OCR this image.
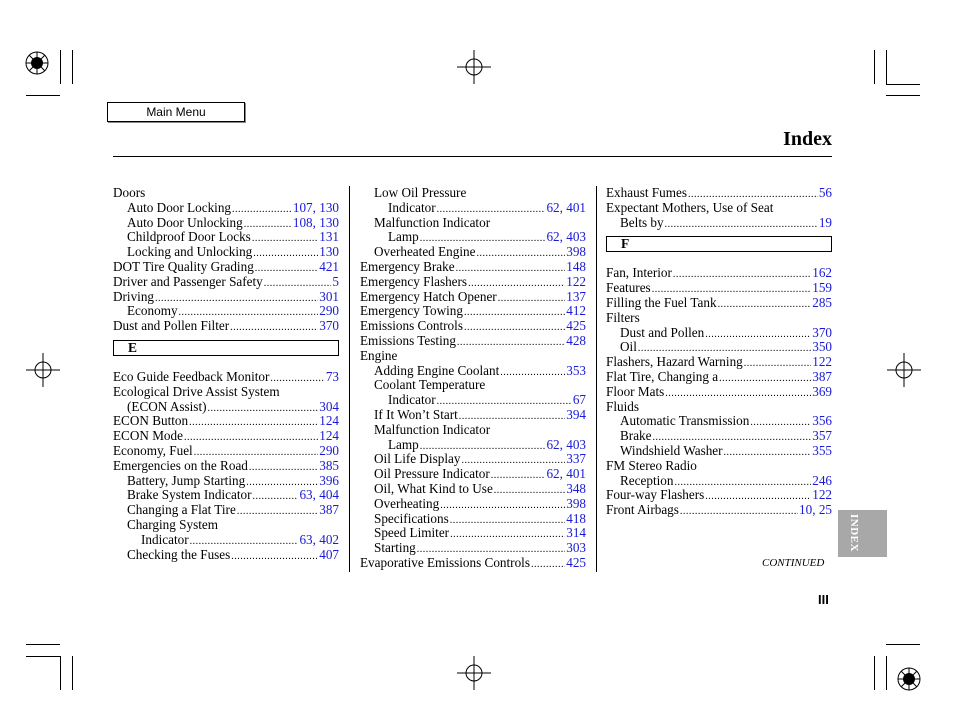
Main Menu
Index
Doors
Auto Door Locking .....	107, 130
Auto Door Unlocking .....	108, 130
Childproof Door Locks .....	131
Locking and Unlocking .....	130
DOT Tire Quality Grading .....	421
Driver and Passenger Safety .....	5
Driving .....	301
Economy .....	290
Dust and Pollen Filter .....	370
E
Eco Guide Feedback Monitor .....	73
Ecological Drive Assist System
(ECON Assist) .....	304
ECON Button .....	124
ECON Mode .....	124
Economy, Fuel .....	290
Emergencies on the Road .....	385
Battery, Jump Starting .....	396
Brake System Indicator .....	63, 404
Changing a Flat Tire .....	387
Charging System
Indicator .....	63, 402
Checking the Fuses .....	407
Low Oil Pressure
Indicator .....	62, 401
Malfunction Indicator
Lamp .....	62, 403
Overheated Engine .....	398
Emergency Brake .....	148
Emergency Flashers .....	122
Emergency Hatch Opener .....	137
Emergency Towing .....	412
Emissions Controls .....	425
Emissions Testing .....	428
Engine
Adding Engine Coolant .....	353
Coolant Temperature
Indicator .....	67
If It Won’t Start .....	394
Malfunction Indicator
Lamp .....	62, 403
Oil Life Display .....	337
Oil Pressure Indicator .....	62, 401
Oil, What Kind to Use .....	348
Overheating .....	398
Specifications .....	418
Speed Limiter .....	314
Starting .....	303
Evaporative Emissions Controls .....	425
Exhaust Fumes .....	56
Expectant Mothers, Use of Seat
Belts by .....	19
F
Fan, Interior .....	162
Features .....	159
Filling the Fuel Tank .....	285
Filters
Dust and Pollen .....	370
Oil .....	350
Flashers, Hazard Warning .....	122
Flat Tire, Changing a .....	387
Floor Mats .....	369
Fluids
Automatic Transmission .....	356
Brake .....	357
Windshield Washer .....	355
FM Stereo Radio
Reception .....	246
Four-way Flashers .....	122
Front Airbags .....	10, 25
INDEX
CONTINUED
III
